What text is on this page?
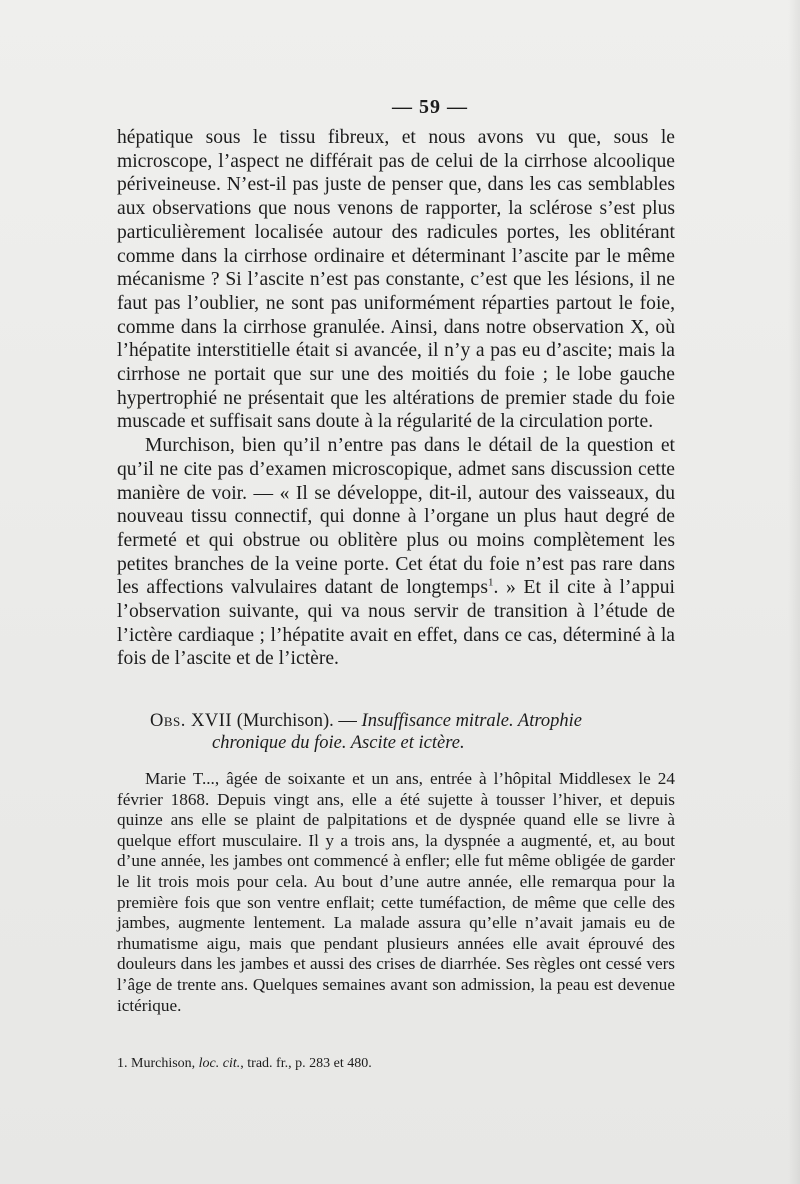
— 59 —

hépatique sous le tissu fibreux, et nous avons vu que, sous le microscope, l’aspect ne différait pas de celui de la cirrhose alcoolique périveineuse. N’est-il pas juste de penser que, dans les cas semblables aux observations que nous venons de rapporter, la sclérose s’est plus particulièrement localisée autour des radicules portes, les oblitérant comme dans la cirrhose ordinaire et déterminant l’ascite par le même mécanisme ? Si l’ascite n’est pas constante, c’est que les lésions, il ne faut pas l’oublier, ne sont pas uniformément réparties partout le foie, comme dans la cirrhose granulée. Ainsi, dans notre observation X, où l’hépatite interstitielle était si avancée, il n’y a pas eu d’ascite; mais la cirrhose ne portait que sur une des moitiés du foie ; le lobe gauche hypertrophié ne présentait que les altérations de premier stade du foie muscade et suffisait sans doute à la régularité de la circulation porte.

Murchison, bien qu’il n’entre pas dans le détail de la question et qu’il ne cite pas d’examen microscopique, admet sans discussion cette manière de voir. — « Il se développe, dit-il, autour des vaisseaux, du nouveau tissu connectif, qui donne à l’organe un plus haut degré de fermeté et qui obstrue ou oblitère plus ou moins complètement les petites branches de la veine porte. Cet état du foie n’est pas rare dans les affections valvulaires datant de longtemps$^1$. » Et il cite à l’appui l’observation suivante, qui va nous servir de transition à l’étude de l’ictère cardiaque ; l’hépatite avait en effet, dans ce cas, déterminé à la fois de l’ascite et de l’ictère.

Obs. XVII (Murchison). — Insuffisance mitrale. Atrophie
chronique du foie. Ascite et ictère.

Marie T..., âgée de soixante et un ans, entrée à l’hôpital Middlesex le 24 février 1868. Depuis vingt ans, elle a été sujette à tousser l’hiver, et depuis quinze ans elle se plaint de palpitations et de dyspnée quand elle se livre à quelque effort musculaire. Il y a trois ans, la dyspnée a augmenté, et, au bout d’une année, les jambes ont commencé à enfler; elle fut même obligée de garder le lit trois mois pour cela. Au bout d’une autre année, elle remarqua pour la première fois que son ventre enflait; cette tuméfaction, de même que celle des jambes, augmente lentement. La malade assura qu’elle n’avait jamais eu de rhumatisme aigu, mais que pendant plusieurs années elle avait éprouvé des douleurs dans les jambes et aussi des crises de diarrhée. Ses règles ont cessé vers l’âge de trente ans. Quelques semaines avant son admission, la peau est devenue ictérique.

1. Murchison, loc. cit., trad. fr., p. 283 et 480.
